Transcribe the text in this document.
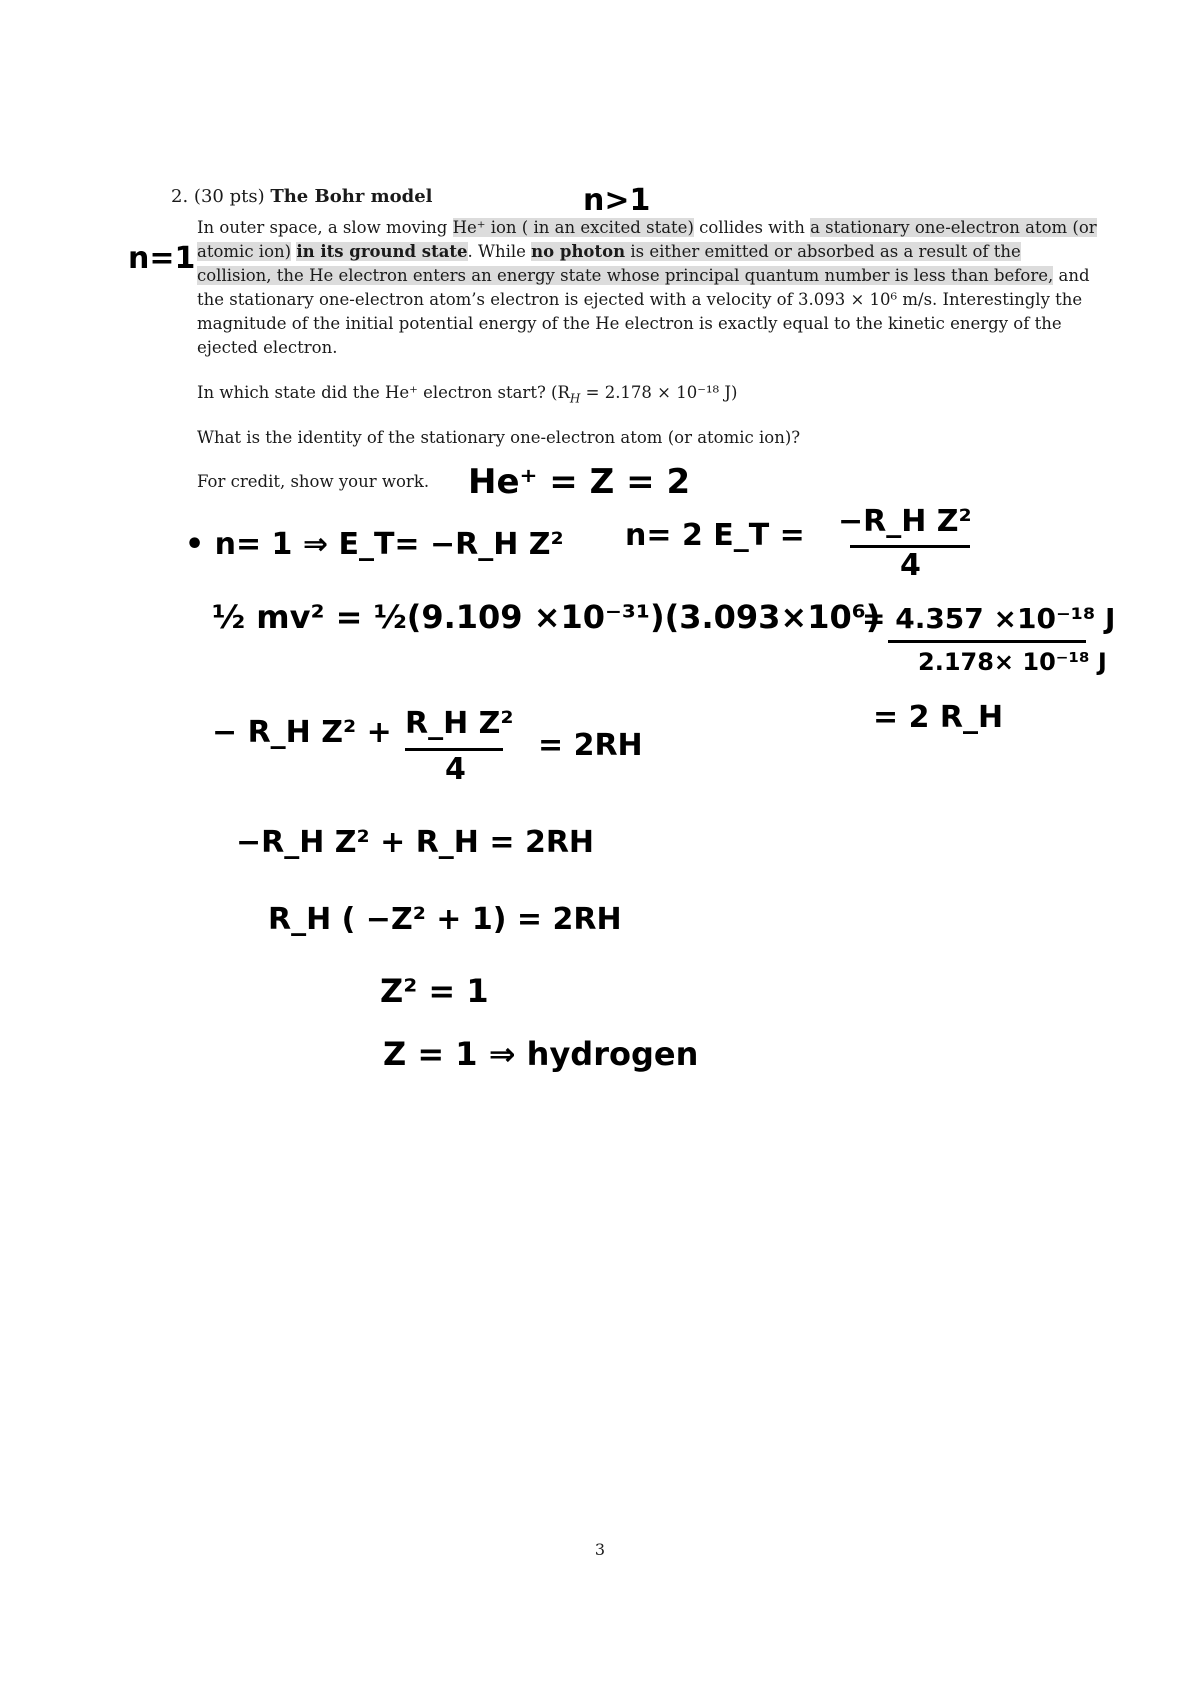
2. (30 pts) The Bohr model	n>1
n=1
In outer space, a slow moving He⁺ ion ( in an excited state) collides with a stationary one-electron atom (or atomic ion) in its ground state. While no photon is either emitted or absorbed as a result of the collision, the He electron enters an energy state whose principal quantum number is less than before, and the stationary one-electron atom’s electron is ejected with a velocity of 3.093 × 10⁶ m/s. Interestingly the magnitude of the initial potential energy of the He electron is exactly equal to the kinetic energy of the ejected electron.
In which state did the He⁺ electron start? ($R_H = 2.178 \times 10^{-18}$ J)
What is the identity of the stationary one-electron atom (or atomic ion)?
For credit, show your work. He⁺ = Z = 2
• n= 1 ⇒ E_T= −R_H Z² n= 2 E_T = −R_H Z²
4
½ mv² = ½(9.109 ×10⁻³¹)(3.093×10⁶)
= 4.357 ×10⁻¹⁸ J
2.178× 10⁻¹⁸ J
= 2 R_H
− R_H Z² + R_H Z²
4
= 2RH
−R_H Z² + R_H = 2RH
R_H ( −Z² + 1) = 2RH
Z² = 1
Z = 1 ⇒ hydrogen
3
